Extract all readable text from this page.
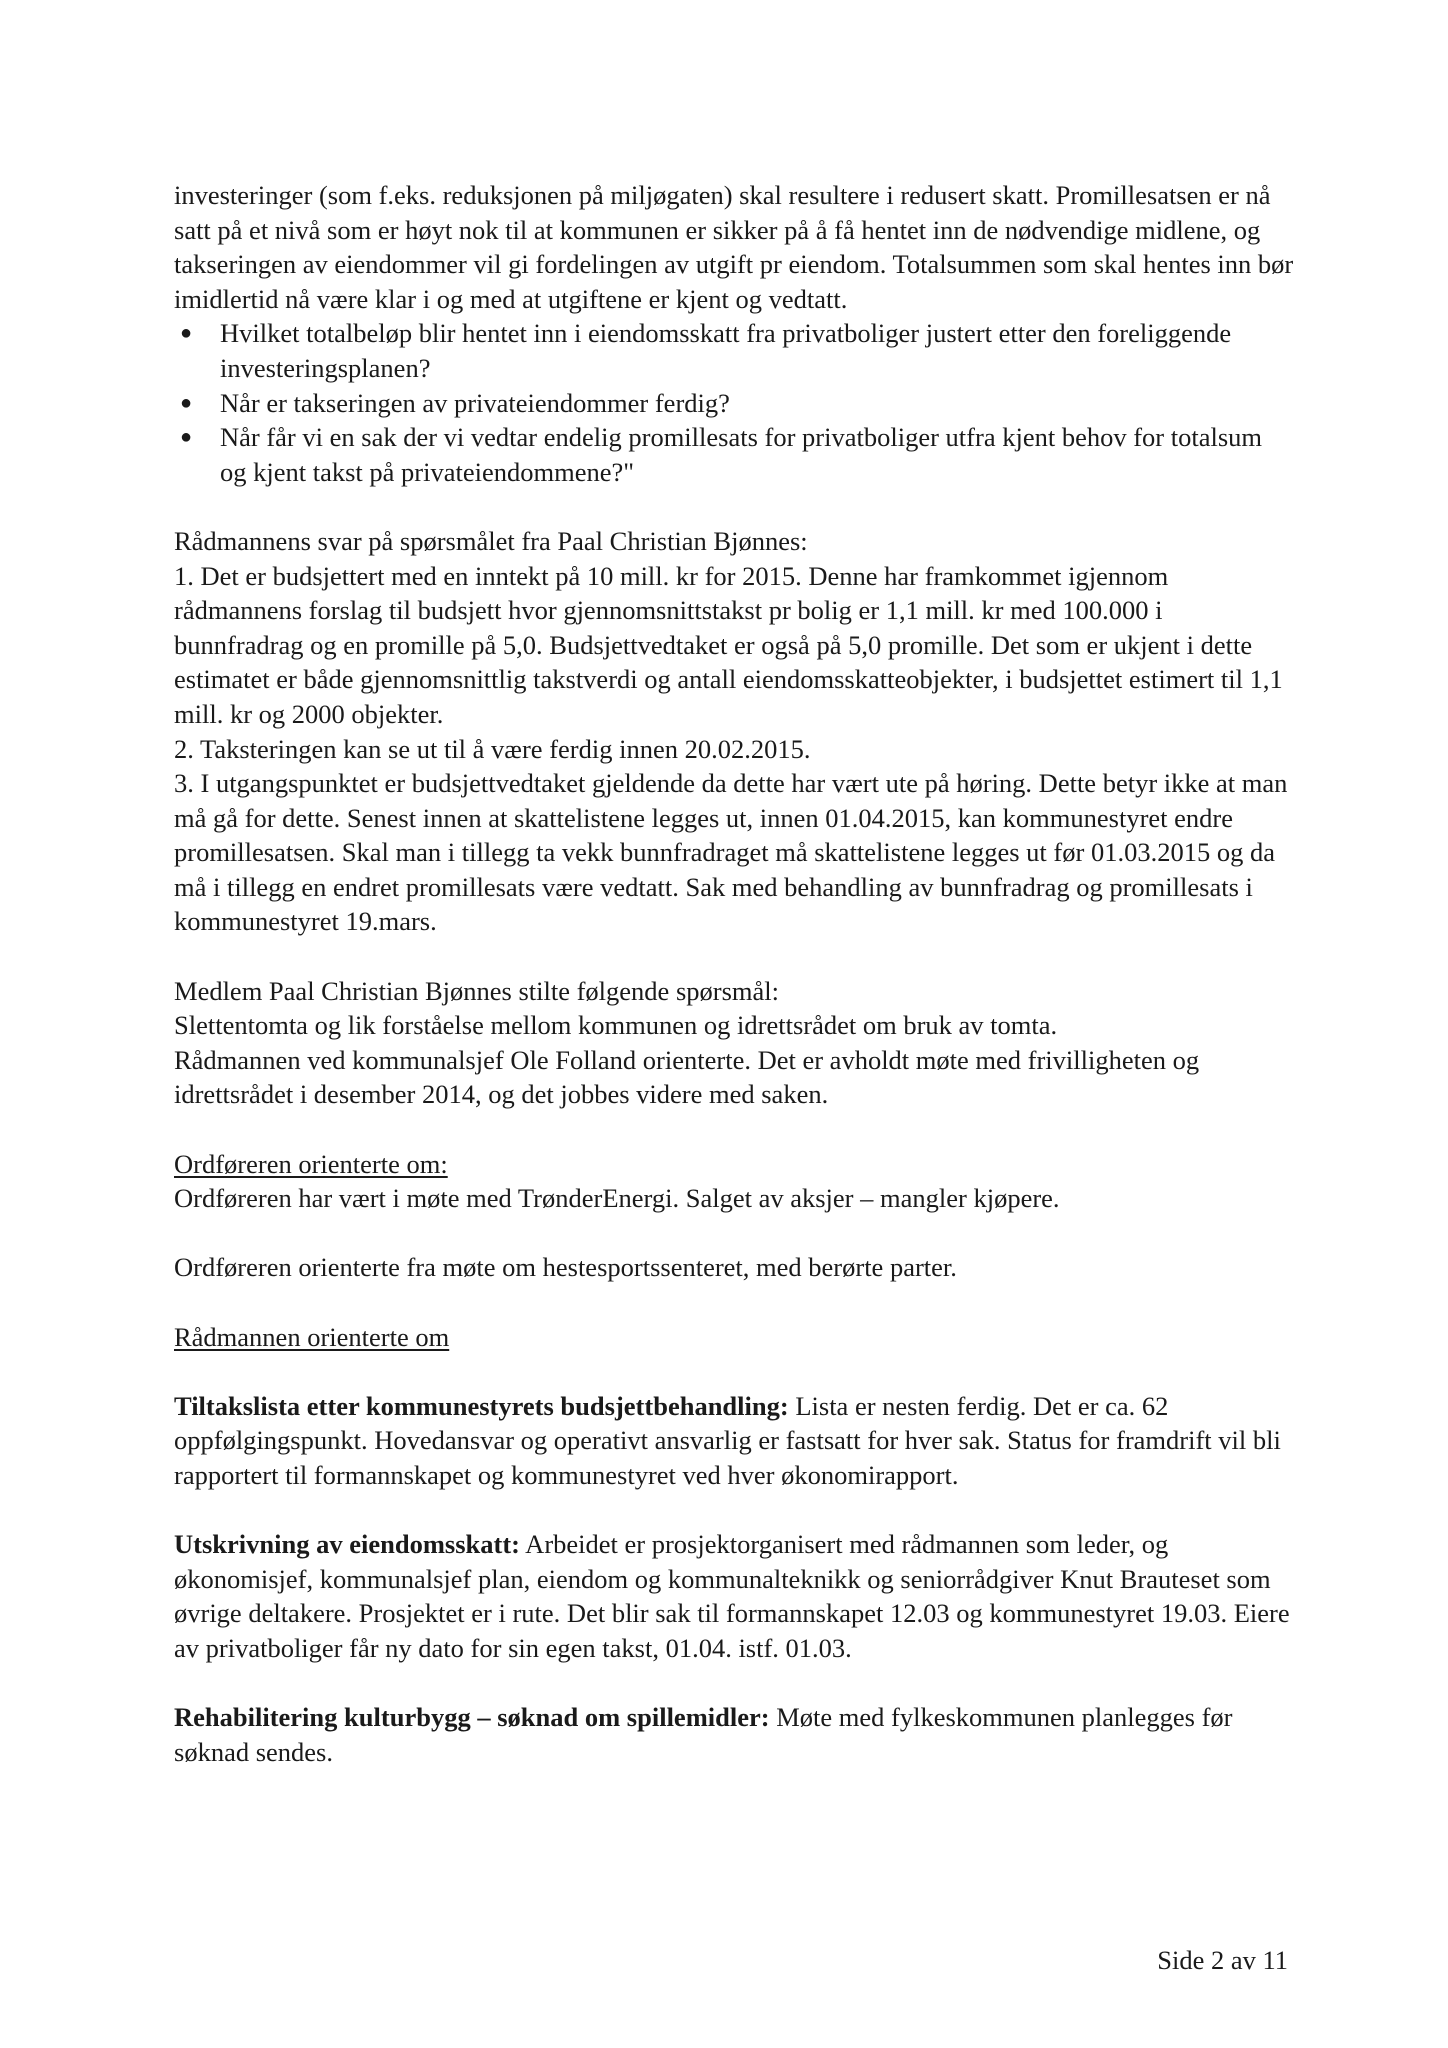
investeringer (som f.eks. reduksjonen på miljøgaten) skal resultere i redusert skatt. Promillesatsen er nå satt på et nivå som er høyt nok til at kommunen er sikker på å få hentet inn de nødvendige midlene, og takseringen av eiendommer vil gi fordelingen av utgift pr eiendom. Totalsummen som skal hentes inn bør imidlertid nå være klar i og med at utgiftene er kjent og vedtatt.

● Hvilket totalbeløp blir hentet inn i eiendomsskatt fra privatboliger justert etter den foreliggende investeringsplanen?
● Når er takseringen av privateiendommer ferdig?
● Når får vi en sak der vi vedtar endelig promillesats for privatboliger utfra kjent behov for totalsum og kjent takst på privateiendommene?"

Rådmannens svar på spørsmålet fra Paal Christian Bjønnes:

1. Det er budsjettert med en inntekt på 10 mill. kr for 2015. Denne har framkommet igjennom rådmannens forslag til budsjett hvor gjennomsnittstakst pr bolig er 1,1 mill. kr med 100.000 i bunnfradrag og en promille på 5,0. Budsjettvedtaket er også på 5,0 promille. Det som er ukjent i dette estimatet er både gjennomsnittlig takstverdi og antall eiendomsskatteobjekter, i budsjettet estimert til 1,1 mill. kr og 2000 objekter.

2. Taksteringen kan se ut til å være ferdig innen 20.02.2015.

3. I utgangspunktet er budsjettvedtaket gjeldende da dette har vært ute på høring. Dette betyr ikke at man må gå for dette. Senest innen at skattelistene legges ut, innen 01.04.2015, kan kommunestyret endre promillesatsen. Skal man i tillegg ta vekk bunnfradraget må skattelistene legges ut før 01.03.2015 og da må i tillegg en endret promillesats være vedtatt. Sak med behandling av bunnfradrag og promillesats i kommunestyret 19.mars.

Medlem Paal Christian Bjønnes stilte følgende spørsmål:

Slettentomta og lik forståelse mellom kommunen og idrettsrådet om bruk av tomta.

Rådmannen ved kommunalsjef Ole Folland orienterte. Det er avholdt møte med frivilligheten og idrettsrådet i desember 2014, og det jobbes videre med saken.

Ordføreren orienterte om:

Ordføreren har vært i møte med TrønderEnergi. Salget av aksjer – mangler kjøpere.

Ordføreren orienterte fra møte om hestesportssenteret, med berørte parter.

Rådmannen orienterte om

Tiltakslista etter kommunestyrets budsjettbehandling: Lista er nesten ferdig. Det er ca. 62 oppfølgingspunkt. Hovedansvar og operativt ansvarlig er fastsatt for hver sak. Status for framdrift vil bli rapportert til formannskapet og kommunestyret ved hver økonomirapport.

Utskrivning av eiendomsskatt: Arbeidet er prosjektorganisert med rådmannen som leder, og økonomisjef, kommunalsjef plan, eiendom og kommunalteknikk og seniorrådgiver Knut Brauteset som øvrige deltakere. Prosjektet er i rute. Det blir sak til formannskapet 12.03 og kommunestyret 19.03. Eiere av privatboliger får ny dato for sin egen takst, 01.04. istf. 01.03.

Rehabilitering kulturbygg – søknad om spillemidler: Møte med fylkeskommunen planlegges før søknad sendes.

Side 2 av 11
